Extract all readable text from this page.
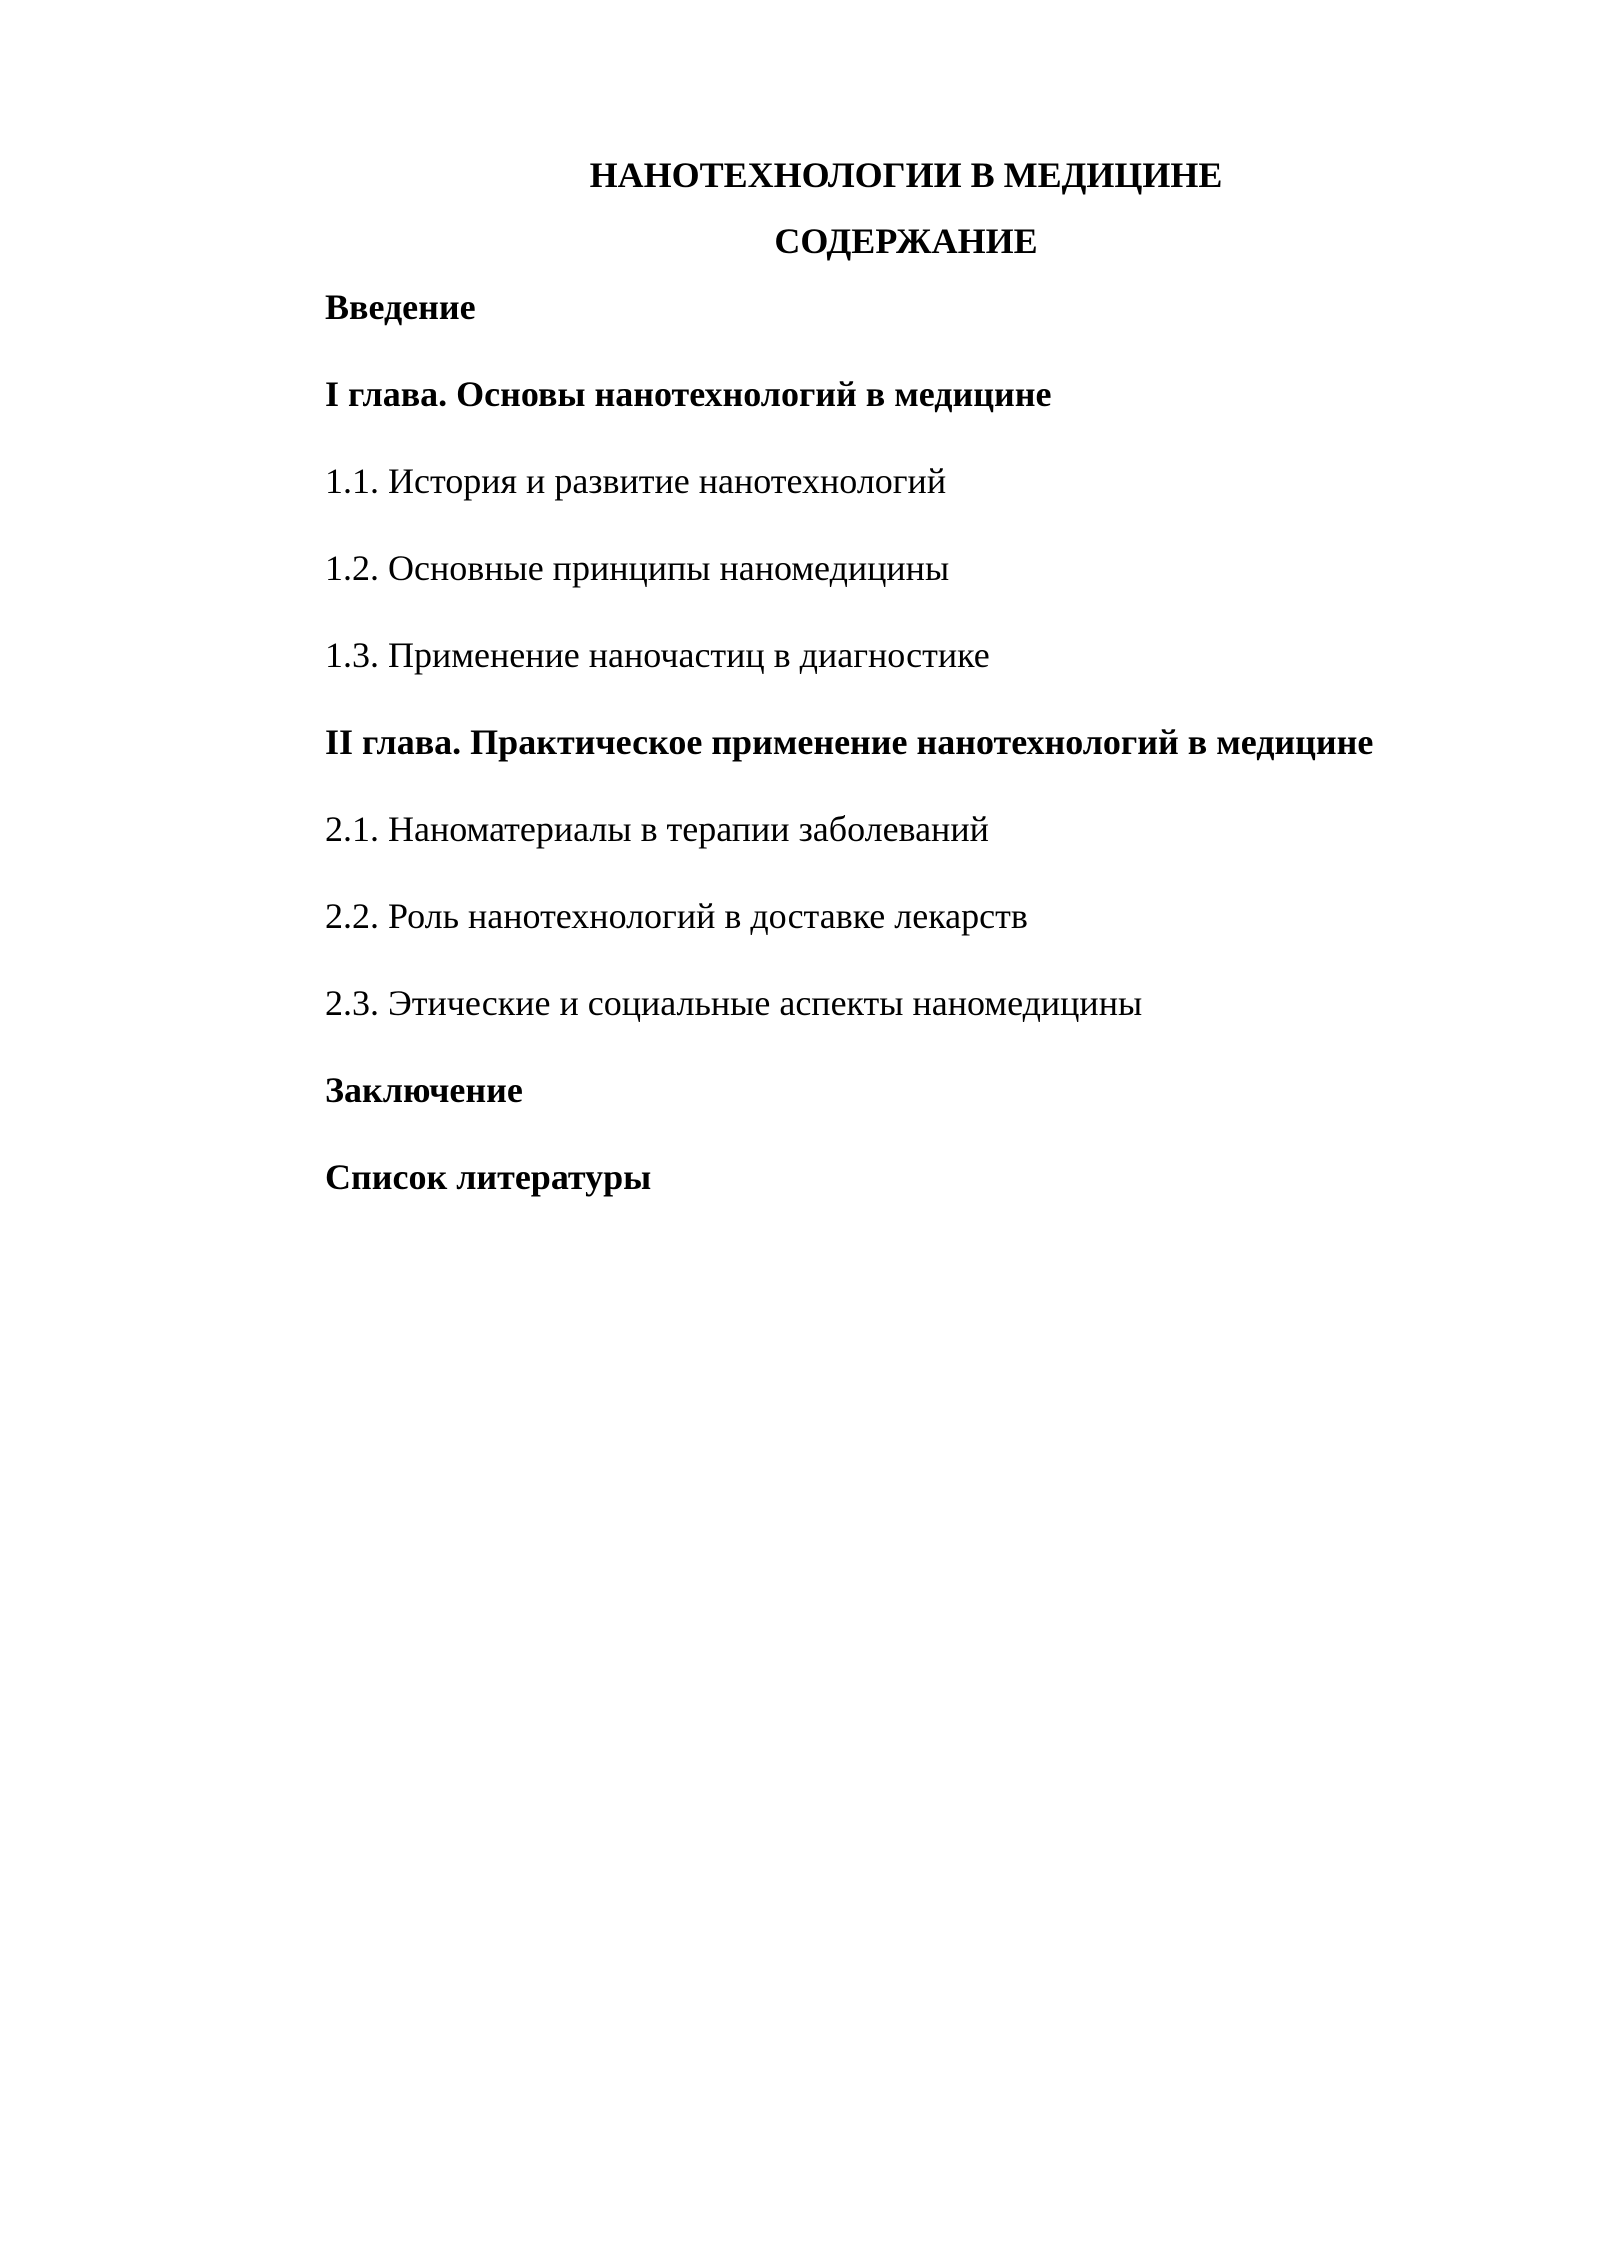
НАНОТЕХНОЛОГИИ В МЕДИЦИНЕ
СОДЕРЖАНИЕ
Введение
I глава. Основы нанотехнологий в медицине
1.1. История и развитие нанотехнологий
1.2. Основные принципы наномедицины
1.3. Применение наночастиц в диагностике
II глава. Практическое применение нанотехнологий в медицине
2.1. Наноматериалы в терапии заболеваний
2.2. Роль нанотехнологий в доставке лекарств
2.3. Этические и социальные аспекты наномедицины
Заключение
Список литературы
